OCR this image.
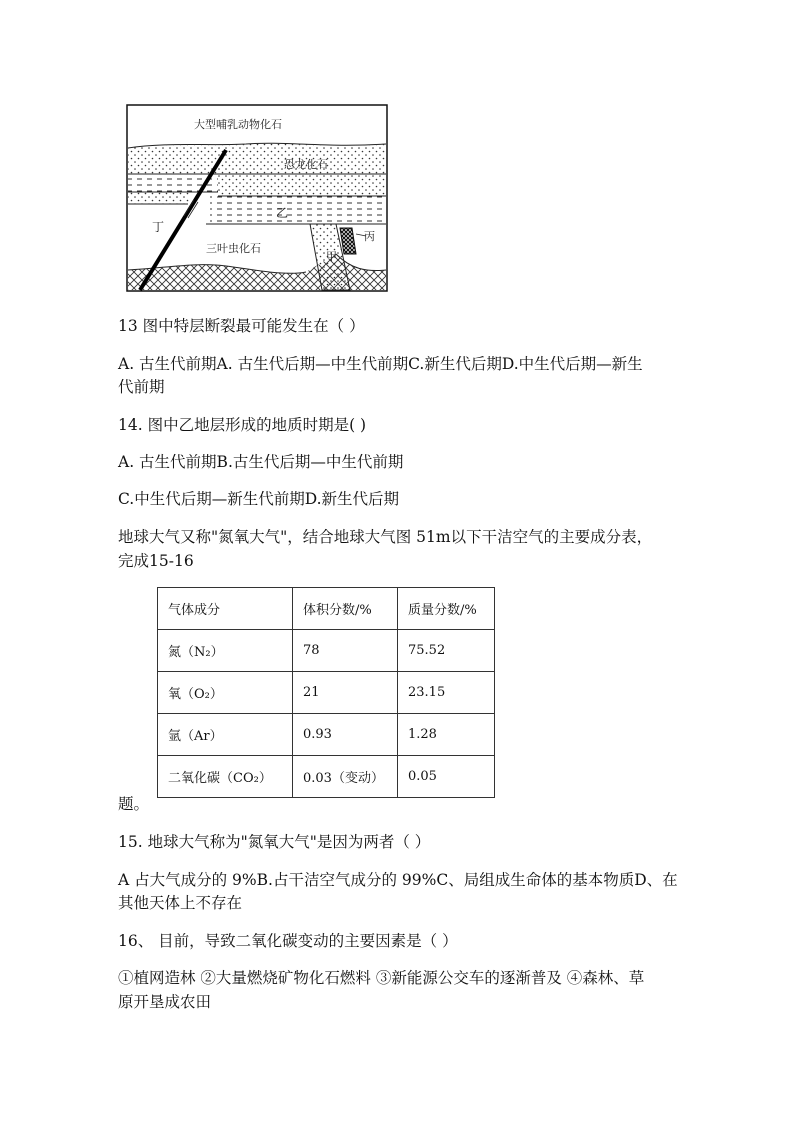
大型哺乳动物化石
恐龙化石
乙
丁
三叶虫化石
甲
丙
13 图中特层断裂最可能发生在（ ）
A. 古生代前期A. 古生代后期—中生代前期C.新生代后期D.中生代后期—新生
代前期
14. 图中乙地层形成的地质时期是( )
A. 古生代前期B.古生代后期—中生代前期
C.中生代后期—新生代前期D.新生代后期
地球大气又称"氮氧大气"，结合地球大气图 51m以下干洁空气的主要成分表，
完成15-16
气体成分	体积分数/%	质量分数/%
氮（N₂）	78	75.52
氧（O₂）	21	23.15
氩（Ar）	0.93	1.28
二氧化碳（CO₂）	0.03（变动）	0.05
题。
15. 地球大气称为"氮氧大气"是因为两者（ ）
A 占大气成分的 9%B.占干洁空气成分的 99%C、局组成生命体的基本物质D、在
其他天体上不存在
16、 目前，导致二氧化碳变动的主要因素是（ ）
①植网造林 ②大量燃烧矿物化石燃料 ③新能源公交车的逐渐普及 ④森林、草
原开垦成农田
